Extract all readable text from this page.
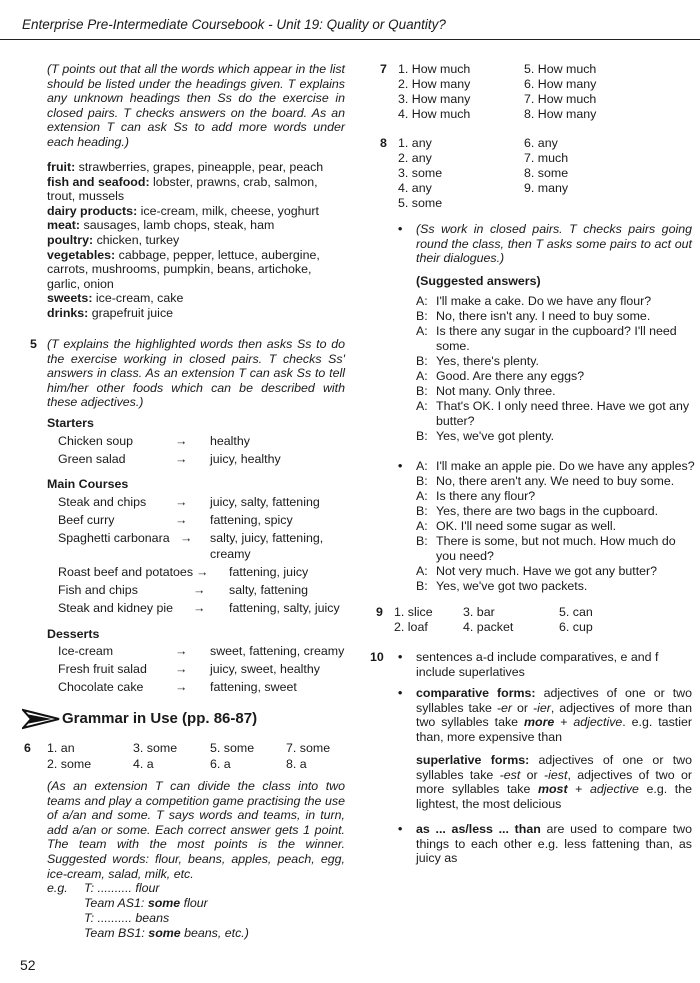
Enterprise Pre-Intermediate Coursebook - Unit 19: Quality or Quantity?

(T points out that all the words which appear in the list should be listed under the headings given. T explains any unknown headings then Ss do the exercise in closed pairs. T checks answers on the board. As an extension T can ask Ss to add more words under each heading.)

fruit: strawberries, grapes, pineapple, pear, peach
fish and seafood: lobster, prawns, crab, salmon, trout, mussels
dairy products: ice-cream, milk, cheese, yoghurt
meat: sausages, lamb chops, steak, ham
poultry: chicken, turkey
vegetables: cabbage, pepper, lettuce, aubergine, carrots, mushrooms, pumpkin, beans, artichoke, garlic, onion
sweets: ice-cream, cake
drinks: grapefruit juice
5 (T explains the highlighted words then asks Ss to do the exercise working in closed pairs. T checks Ss' answers in class. As an extension T can ask Ss to tell him/her other foods which can be described with these adjectives.)

Starters
Chicken soup	→ healthy
Green salad	→ juicy, healthy
Main Courses
Steak and chips → juicy, salty, fattening
Beef curry	→ fattening, spicy
Spaghetti carbonara → salty, juicy, fattening,
creamy
Roast beef and potatoes → fattening, juicy
Fish and chips	→ salty, fattening
Steak and kidney pie → fattening, salty, juicy
Desserts
Ice-cream	→ sweet, fattening, creamy
Fresh fruit salad → juicy, sweet, healthy
Chocolate cake	→ fattening, sweet
Grammar in Use (pp. 86-87)
6 1. an	3. some	5. some	7. some
2. some	4. a	6. a	8. a

(As an extension T can divide the class into two teams and play a competition game practising the use of a/an and some. T says words and teams, in turn, add a/an or some. Each correct answer gets 1 point. The team with the most points is the winner. Suggested words: flour, beans, apples, peach, egg, ice-cream, salad, milk, etc.

e.g. T: .......... flour
Team AS1: some flour
T: .......... beans
Team BS1: some beans, etc.)
52
7 1. How much	5. How much
2. How many	6. How many
3. How many	7. How much
4. How much	8. How many
8 1. any	6. any
2. any	7. much
3. some	8. some
4. any	9. many
5. some
• (Ss work in closed pairs. T checks pairs going round the class, then T asks some pairs to act out their dialogues.)

(Suggested answers)
A: I'll make a cake. Do we have any flour?
B: No, there isn't any. I need to buy some.
A: Is there any sugar in the cupboard? I'll need
some.
B: Yes, there's plenty.
A: Good. Are there any eggs?
B: Not many. Only three.
A: That's OK. I only need three. Have we got any
butter?
B: Yes, we've got plenty.
• A: I'll make an apple pie. Do we have any apples?
B: No, there aren't any. We need to buy some.
A: Is there any flour?
B: Yes, there are two bags in the cupboard.
A: OK. I'll need some sugar as well.
B: There is some, but not much. How much do
you need?
A: Not very much. Have we got any butter?
B: Yes, we've got two packets.
9 1. slice 3. bar	5. can
2. loaf	4. packet	6. cup
10 • sentences a-d include comparatives, e and f include superlatives

• comparative forms: adjectives of one or two syllables take -er or -ier, adjectives of more than two syllables take more + adjective. e.g. tastier than, more expensive than

superlative forms: adjectives of one or two syllables take -est or -iest, adjectives of two or more syllables take most + adjective e.g. the lightest, the most delicious

• as ... as/less ... than are used to compare two things to each other e.g. less fattening than, as juicy as
